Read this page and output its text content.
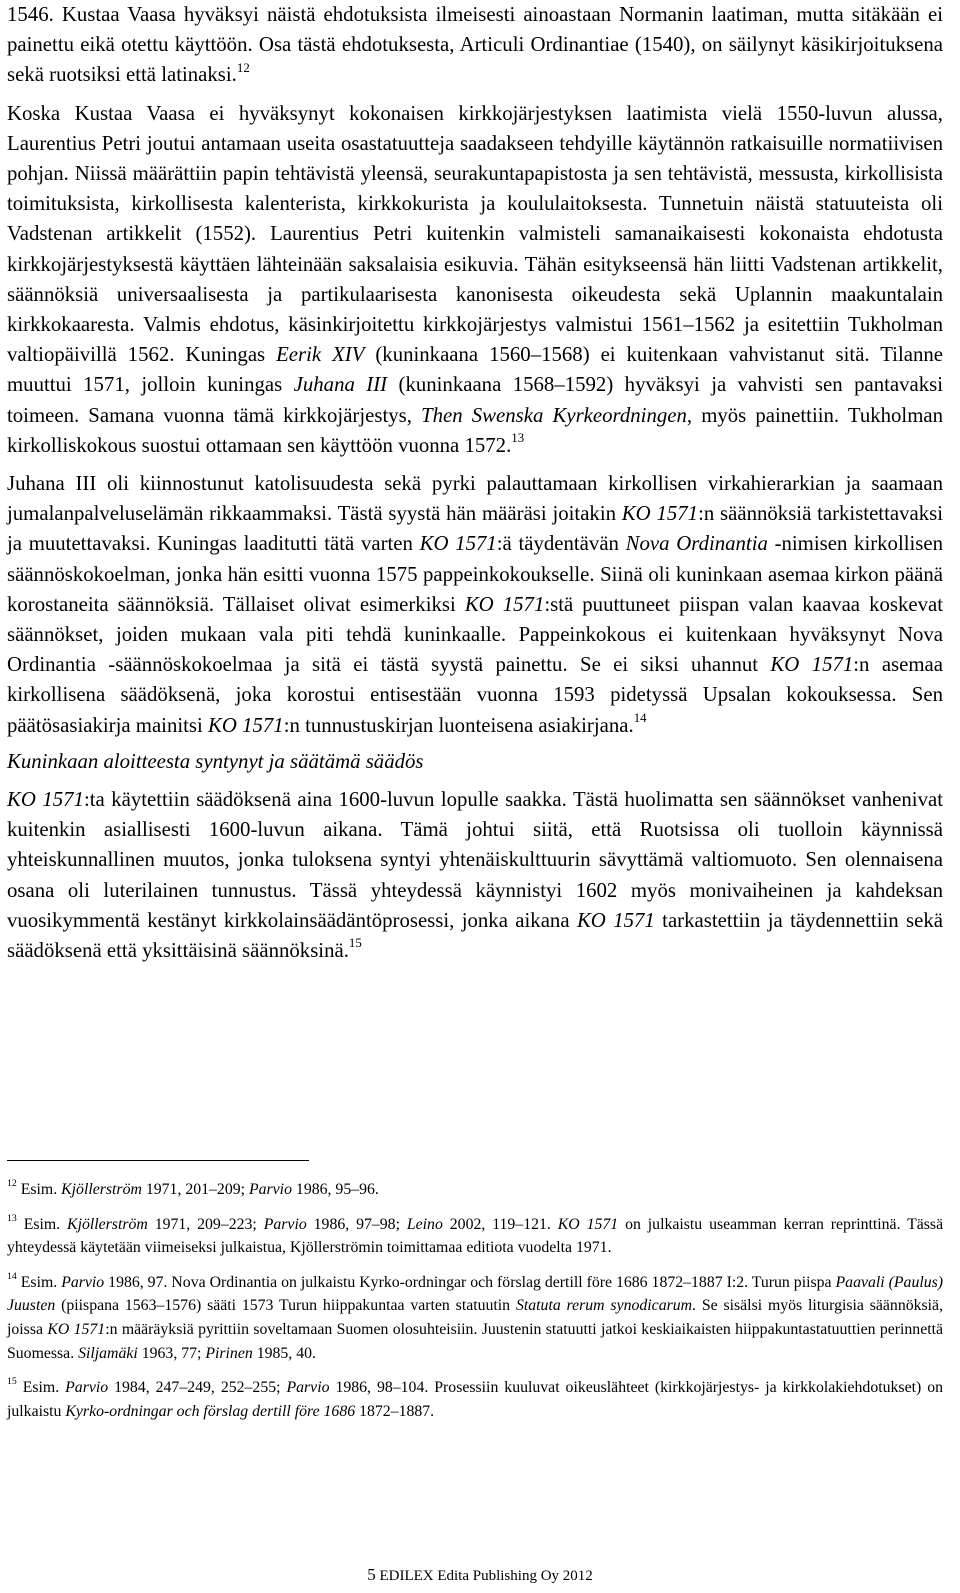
1546. Kustaa Vaasa hyväksyi näistä ehdotuksista ilmeisesti ainoastaan Normanin laatiman, mutta sitäkään ei painettu eikä otettu käyttöön. Osa tästä ehdotuksesta, Articuli Ordinantiae (1540), on säilynyt käsikirjoituksena sekä ruotsiksi että latinaksi.$^{12}$

Koska Kustaa Vaasa ei hyväksynyt kokonaisen kirkkojärjestyksen laatimista vielä 1550-luvun alussa, Laurentius Petri joutui antamaan useita osastatuutteja saadakseen tehdyille käytännön ratkaisuille normatiivisen pohjan. Niissä määrättiin papin tehtävistä yleensä, seurakuntapapistosta ja sen tehtävistä, messusta, kirkollisista toimituksista, kirkollisesta kalenterista, kirkkokurista ja koululaitoksesta. Tunnetuin näistä statuuteista oli Vadstenan artikkelit (1552). Laurentius Petri kuitenkin valmisteli samanaikaisesti kokonaista ehdotusta kirkkojärjestyksestä käyttäen lähteinään saksalaisia esikuvia. Tähän esitykseensä hän liitti Vadstenan artikkelit, säännöksiä universaalisesta ja partikulaarisesta kanonisesta oikeudesta sekä Uplannin maakuntalain kirkkokaaresta. Valmis ehdotus, käsinkirjoitettu kirkkojärjestys valmistui 1561–1562 ja esitettiin Tukholman valtiopäivillä 1562. Kuningas Eerik XIV (kuninkaana 1560–1568) ei kuitenkaan vahvistanut sitä. Tilanne muuttui 1571, jolloin kuningas Juhana III (kuninkaana 1568–1592) hyväksyi ja vahvisti sen pantavaksi toimeen. Samana vuonna tämä kirkkojärjestys, Then Swenska Kyrkeordningen, myös painettiin. Tukholman kirkolliskokous suostui ottamaan sen käyttöön vuonna 1572.13

Juhana III oli kiinnostunut katolisuudesta sekä pyrki palauttamaan kirkollisen virkahierarkian ja saamaan jumalanpalveluselämän rikkaammaksi. Tästä syystä hän määräsi joitakin KO 1571:n säännöksiä tarkistettavaksi ja muutettavaksi. Kuningas laaditutti tätä varten KO 1571:ä täydentävän Nova Ordinantia -nimisen kirkollisen säännöskokoelman, jonka hän esitti vuonna 1575 pappeinkokoukselle. Siinä oli kuninkaan asemaa kirkon päänä korostaneita säännöksiä. Tällaiset olivat esimerkiksi KO 1571:stä puuttuneet piispan valan kaavaa koskevat säännökset, joiden mukaan vala piti tehdä kuninkaalle. Pappeinkokous ei kuitenkaan hyväksynyt Nova Ordinantia -säännöskokoelmaa ja sitä ei tästä syystä painettu. Se ei siksi uhannut KO 1571:n asemaa kirkollisena säädöksenä, joka korostui entisestään vuonna 1593 pidetyssä Upsalan kokouksessa. Sen päätösasiakirja mainitsi KO 1571:n tunnustuskirjan luonteisena asiakirjana.$^{14}$

Kuninkaan aloitteesta syntynyt ja säätämä säädös

KO 1571:ta käytettiin säädöksenä aina 1600-luvun lopulle saakka. Tästä huolimatta sen säännökset vanhenivat kuitenkin asiallisesti 1600-luvun aikana. Tämä johtui siitä, että Ruotsissa oli tuolloin käynnissä yhteiskunnallinen muutos, jonka tuloksena syntyi yhtenäiskulttuurin sävyttämä valtiomuoto. Sen olennaisena osana oli luterilainen tunnustus. Tässä yhteydessä käynnistyi 1602 myös monivaiheinen ja kahdeksan vuosikymmentä kestänyt kirkkolainsäädäntöprosessi, jonka aikana KO 1571 tarkastettiin ja täydennettiin sekä säädöksenä että yksittäisinä säännöksinä.$^{15}$

$^{12}$ Esim. Kjöllerström 1971, 201–209; Parvio 1986, 95–96.

$^{13}$ Esim. Kjöllerström 1971, 209–223; Parvio 1986, 97–98; Leino 2002, 119–121. KO 1571 on julkaistu useamman kerran reprinttinä. Tässä yhteydessä käytetään viimeiseksi julkaistua, Kjöllerströmin toimittamaa editiota vuodelta 1971.

$^{14}$ Esim. Parvio 1986, 97. Nova Ordinantia on julkaistu Kyrko-ordningar och förslag dertill före 1686 1872–1887 I:2. Turun piispa Paavali (Paulus) Juusten (piispana 1563–1576) sääti 1573 Turun hiippakuntaa varten statuutin Statuta rerum synodicarum. Se sisälsi myös liturgisia säännöksiä, joissa KO 1571:n määräyksiä pyrittiin soveltamaan Suomen olosuhteisiin. Juustenin statuutti jatkoi keskiaikaisten hiippakuntastatuuttien perinnettä Suomessa. Siljamäki 1963, 77; Pirinen 1985, 40.

$^{15}$ Esim. Parvio 1984, 247–249, 252–255; Parvio 1986, 98–104. Prosessiin kuuluvat oikeuslähteet (kirkkojärjestys- ja kirkkolakiehdotukset) on julkaistu Kyrko-ordningar och förslag dertill före 1686 1872–1887.

5 EDILEX Edita Publishing Oy 2012
